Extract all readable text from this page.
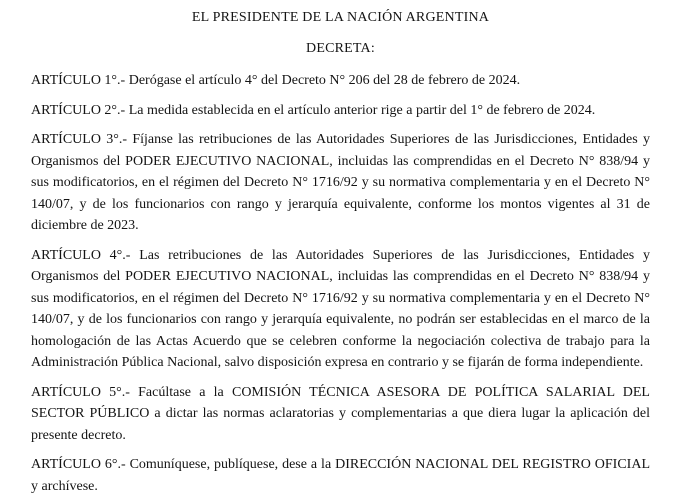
EL PRESIDENTE DE LA NACIÓN ARGENTINA
DECRETA:

ARTÍCULO 1°.- Derógase el artículo 4° del Decreto N° 206 del 28 de febrero de 2024.

ARTÍCULO 2°.- La medida establecida en el artículo anterior rige a partir del 1° de febrero de 2024.

ARTÍCULO 3°.- Fíjanse las retribuciones de las Autoridades Superiores de las Jurisdicciones, Entidades y Organismos del PODER EJECUTIVO NACIONAL, incluidas las comprendidas en el Decreto N° 838/94 y sus modificatorios, en el régimen del Decreto N° 1716/92 y su normativa complementaria y en el Decreto N° 140/07, y de los funcionarios con rango y jerarquía equivalente, conforme los montos vigentes al 31 de diciembre de 2023.

ARTÍCULO 4°.- Las retribuciones de las Autoridades Superiores de las Jurisdicciones, Entidades y Organismos del PODER EJECUTIVO NACIONAL, incluidas las comprendidas en el Decreto N° 838/94 y sus modificatorios, en el régimen del Decreto N° 1716/92 y su normativa complementaria y en el Decreto N° 140/07, y de los funcionarios con rango y jerarquía equivalente, no podrán ser establecidas en el marco de la homologación de las Actas Acuerdo que se celebren conforme la negociación colectiva de trabajo para la Administración Pública Nacional, salvo disposición expresa en contrario y se fijarán de forma independiente.

ARTÍCULO 5°.- Facúltase a la COMISIÓN TÉCNICA ASESORA DE POLÍTICA SALARIAL DEL SECTOR PÚBLICO a dictar las normas aclaratorias y complementarias a que diera lugar la aplicación del presente decreto.

ARTÍCULO 6°.- Comuníquese, publíquese, dese a la DIRECCIÓN NACIONAL DEL REGISTRO OFICIAL y archívese.
